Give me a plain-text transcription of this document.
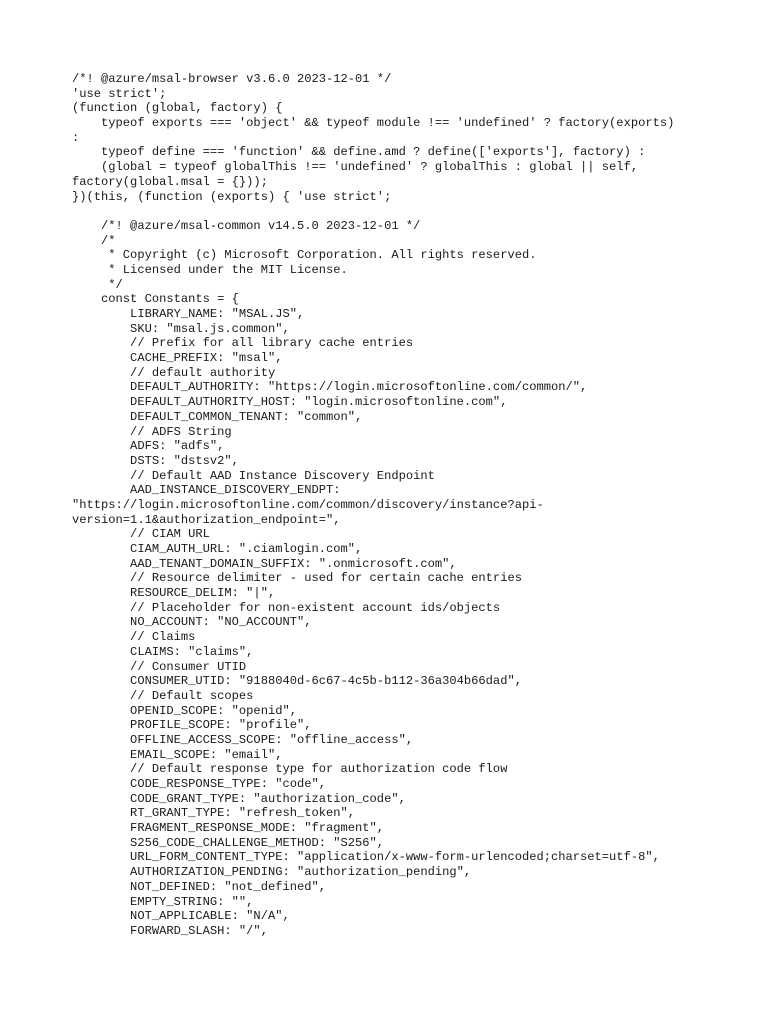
/*! @azure/msal-browser v3.6.0 2023-12-01 */
'use strict';
(function (global, factory) {
typeof exports === 'object' && typeof module !== 'undefined' ? factory(exports)
:
typeof define === 'function' && define.amd ? define(['exports'], factory) :
(global = typeof globalThis !== 'undefined' ? globalThis : global || self,
factory(global.msal = {}));
})(this, (function (exports) { 'use strict';
/*! @azure/msal-common v14.5.0 2023-12-01 */
/*
* Copyright (c) Microsoft Corporation. All rights reserved.
* Licensed under the MIT License.
*/
const Constants = {
LIBRARY_NAME: "MSAL.JS",
SKU: "msal.js.common",
// Prefix for all library cache entries
CACHE_PREFIX: "msal",
// default authority
DEFAULT_AUTHORITY: "https://login.microsoftonline.com/common/",
DEFAULT_AUTHORITY_HOST: "login.microsoftonline.com",
DEFAULT_COMMON_TENANT: "common",
// ADFS String
ADFS: "adfs",
DSTS: "dstsv2",
// Default AAD Instance Discovery Endpoint
AAD_INSTANCE_DISCOVERY_ENDPT:
"https://login.microsoftonline.com/common/discovery/instance?api-
version=1.1&authorization_endpoint=",
// CIAM URL
CIAM_AUTH_URL: ".ciamlogin.com",
AAD_TENANT_DOMAIN_SUFFIX: ".onmicrosoft.com",
// Resource delimiter - used for certain cache entries
RESOURCE_DELIM: "|",
// Placeholder for non-existent account ids/objects
NO_ACCOUNT: "NO_ACCOUNT",
// Claims
CLAIMS: "claims",
// Consumer UTID
CONSUMER_UTID: "9188040d-6c67-4c5b-b112-36a304b66dad",
// Default scopes
OPENID_SCOPE: "openid",
PROFILE_SCOPE: "profile",
OFFLINE_ACCESS_SCOPE: "offline_access",
EMAIL_SCOPE: "email",
// Default response type for authorization code flow
CODE_RESPONSE_TYPE: "code",
CODE_GRANT_TYPE: "authorization_code",
RT_GRANT_TYPE: "refresh_token",
FRAGMENT_RESPONSE_MODE: "fragment",
S256_CODE_CHALLENGE_METHOD: "S256",
URL_FORM_CONTENT_TYPE: "application/x-www-form-urlencoded;charset=utf-8",
AUTHORIZATION_PENDING: "authorization_pending",
NOT_DEFINED: "not_defined",
EMPTY_STRING: "",
NOT_APPLICABLE: "N/A",
FORWARD_SLASH: "/",
